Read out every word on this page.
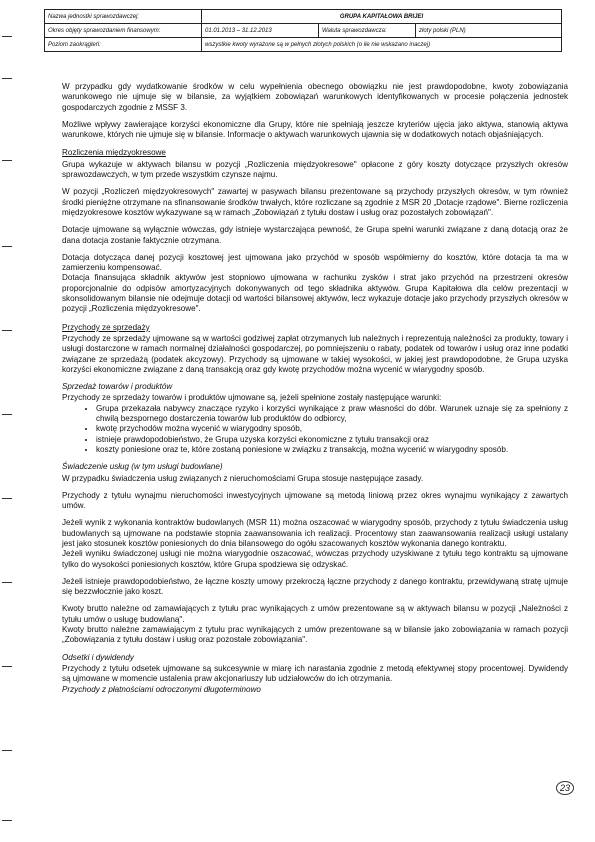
Nazwa jednostki sprawozdawczej:	GRUPA KAPITAŁOWA BRIJEI		
Okres objęty sprawozdaniem finansowym:	01.01.2013 – 31.12.2013	Waluta sprawozdawcza:	złoty polski (PLN)
Poziom zaokrągleń:	wszystkie kwoty wyrażone są w pełnych złotych polskich (o ile nie wskazano inaczej)		

W przypadku gdy wydatkowanie środków w celu wypełnienia obecnego obowiązku nie jest prawdopodobne, kwoty zobowiązania warunkowego nie ujmuje się w bilansie, za wyjątkiem zobowiązań warunkowych identyfikowanych w procesie połączenia jednostek gospodarczych zgodnie z MSSF 3.

Możliwe wpływy zawierające korzyści ekonomiczne dla Grupy, które nie spełniają jeszcze kryteriów ujęcia jako aktywa, stanowią aktywa warunkowe, których nie ujmuje się w bilansie. Informacje o aktywach warunkowych ujawnia się w dodatkowych notach objaśniających.

Rozliczenia międzyokresowe

Grupa wykazuje w aktywach bilansu w pozycji „Rozliczenia międzyokresowe" opłacone z góry koszty dotyczące przyszłych okresów sprawozdawczych, w tym przede wszystkim czynsze najmu.

W pozycji „Rozliczeń międzyokresowych" zawartej w pasywach bilansu prezentowane są przychody przyszłych okresów, w tym również środki pieniężne otrzymane na sfinansowanie środków trwałych, które rozliczane są zgodnie z MSR 20 „Dotacje rządowe". Bierne rozliczenia międzyokresowe kosztów wykazywane są w ramach „Zobowiązań z tytułu dostaw i usług oraz pozostałych zobowiązań".

Dotacje ujmowane są wyłącznie wówczas, gdy istnieje wystarczająca pewność, że Grupa spełni warunki związane z daną dotacją oraz że dana dotacja zostanie faktycznie otrzymana.

Dotacja dotycząca danej pozycji kosztowej jest ujmowana jako przychód w sposób współmierny do kosztów, które dotacja ta ma w zamierzeniu kompensować.

Dotacja finansująca składnik aktywów jest stopniowo ujmowana w rachunku zysków i strat jako przychód na przestrzeni okresów proporcjonalnie do odpisów amortyzacyjnych dokonywanych od tego składnika aktywów. Grupa Kapitałowa dla celów prezentacji w skonsolidowanym bilansie nie odejmuje dotacji od wartości bilansowej aktywów, lecz wykazuje dotacje jako przychody przyszłych okresów w pozycji „Rozliczenia międzyokresowe".

Przychody ze sprzedaży

Przychody ze sprzedaży ujmowane są w wartości godziwej zapłat otrzymanych lub należnych i reprezentują należności za produkty, towary i usługi dostarczone w ramach normalnej działalności gospodarczej, po pomniejszeniu o rabaty, podatek od towarów i usług oraz inne podatki związane ze sprzedażą (podatek akcyzowy). Przychody są ujmowane w takiej wysokości, w jakiej jest prawdopodobne, że Grupa uzyska korzyści ekonomiczne związane z daną transakcją oraz gdy kwotę przychodów można wycenić w wiarygodny sposób.

Sprzedaż towarów i produktów
Przychody ze sprzedaży towarów i produktów ujmowane są, jeżeli spełnione zostały następujące warunki:
• Grupa przekazała nabywcy znaczące ryzyko i korzyści wynikające z praw własności do dóbr. Warunek uznaje się za spełniony z chwilą bezspornego dostarczenia towarów lub produktów do odbiorcy,
• kwotę przychodów można wycenić w wiarygodny sposób,
• istnieje prawdopodobieństwo, że Grupa uzyska korzyści ekonomiczne z tytułu transakcji oraz
• koszty poniesione oraz te, które zostaną poniesione w związku z transakcją, można wycenić w wiarygodny sposób.
Świadczenie usług (w tym usługi budowlane)

W przypadku świadczenia usług związanych z nieruchomościami Grupa stosuje następujące zasady.

Przychody z tytułu wynajmu nieruchomości inwestycyjnych ujmowane są metodą liniową przez okres wynajmu wynikający z zawartych umów.

Jeżeli wynik z wykonania kontraktów budowlanych (MSR 11) można oszacować w wiarygodny sposób, przychody z tytułu świadczenia usług budowlanych są ujmowane na podstawie stopnia zaawansowania ich realizacji. Procentowy stan zaawansowania realizacji usługi ustalany jest jako stosunek kosztów poniesionych do dnia bilansowego do ogółu szacowanych kosztów wykonania danego kontraktu.

Jeżeli wyniku świadczonej usługi nie można wiarygodnie oszacować, wówczas przychody uzyskiwane z tytułu tego kontraktu są ujmowane tylko do wysokości poniesionych kosztów, które Grupa spodziewa się odzyskać.

Jeżeli istnieje prawdopodobieństwo, że łączne koszty umowy przekroczą łączne przychody z danego kontraktu, przewidywaną stratę ujmuje się bezzwłocznie jako koszt.

Kwoty brutto należne od zamawiających z tytułu prac wynikających z umów prezentowane są w aktywach bilansu w pozycji „Należności z tytułu umów o usługę budowlaną".

Kwoty brutto należne zamawiającym z tytułu prac wynikających z umów prezentowane są w bilansie jako zobowiązania w ramach pozycji „Zobowiązania z tytułu dostaw i usług oraz pozostałe zobowiązania".

Odsetki i dywidendy

Przychody z tytułu odsetek ujmowane są sukcesywnie w miarę ich narastania zgodnie z metodą efektywnej stopy procentowej. Dywidendy są ujmowane w momencie ustalenia praw akcjonariuszy lub udziałowców do ich otrzymania.

Przychody z płatnościami odroczonymi długoterminowo
23
